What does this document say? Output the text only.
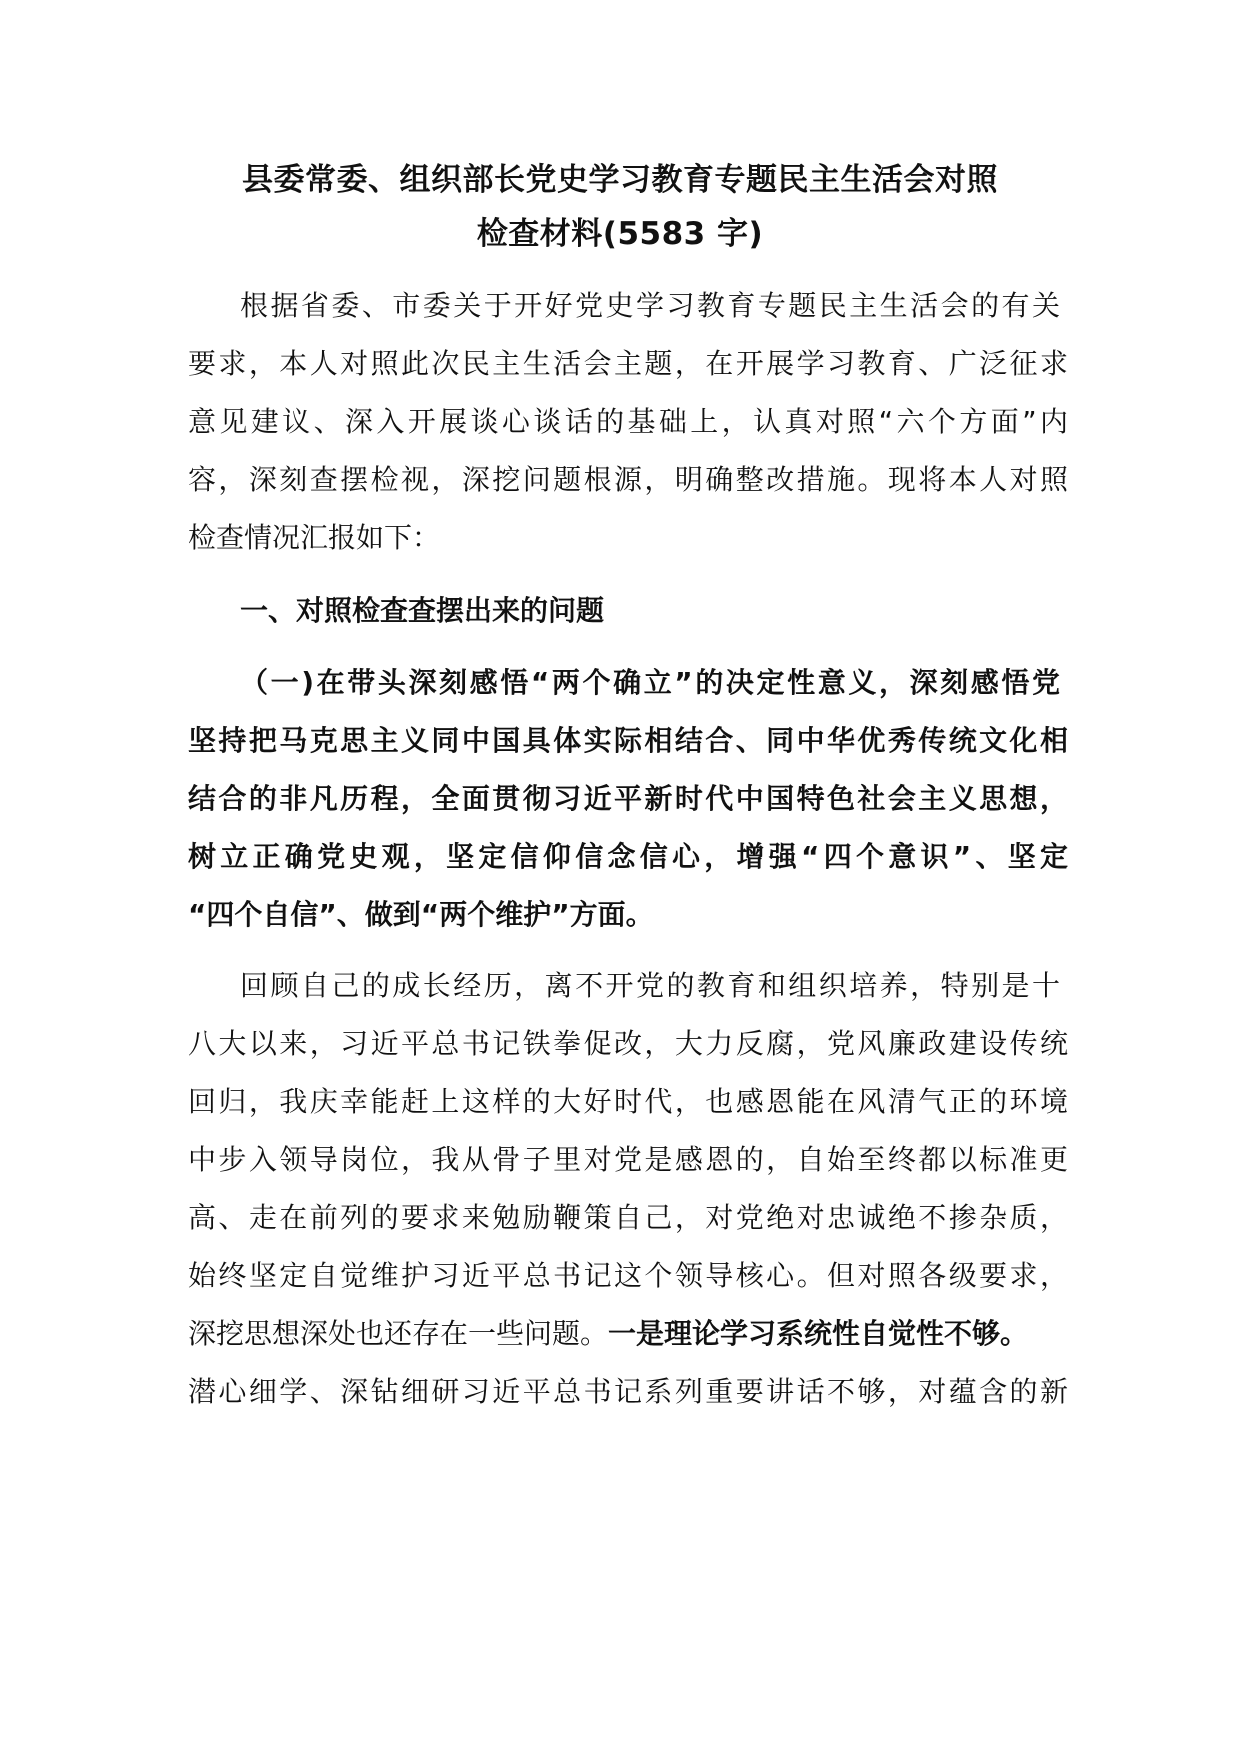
县委常委、组织部长党史学习教育专题民主生活会对照
检查材料(5583 字)
根据省委、市委关于开好党史学习教育专题民主生活会的有关
要求，本人对照此次民主生活会主题，在开展学习教育、广泛征求
意见建议、深入开展谈心谈话的基础上，认真对照“六个方面”内
容，深刻查摆检视，深挖问题根源，明确整改措施。现将本人对照
检查情况汇报如下：
一、对照检查查摆出来的问题
（一)在带头深刻感悟“两个确立”的决定性意义，深刻感悟党
坚持把马克思主义同中国具体实际相结合、同中华优秀传统文化相
结合的非凡历程，全面贯彻习近平新时代中国特色社会主义思想，
树立正确党史观，坚定信仰信念信心，增强“四个意识”、坚定
“四个自信”、做到“两个维护”方面。
回顾自己的成长经历，离不开党的教育和组织培养，特别是十
八大以来，习近平总书记铁拳促改，大力反腐，党风廉政建设传统
回归，我庆幸能赶上这样的大好时代，也感恩能在风清气正的环境
中步入领导岗位，我从骨子里对党是感恩的，自始至终都以标准更
高、走在前列的要求来勉励鞭策自己，对党绝对忠诚绝不掺杂质，
始终坚定自觉维护习近平总书记这个领导核心。但对照各级要求，
深挖思想深处也还存在一些问题。一是理论学习系统性自觉性不够。
潜心细学、深钻细研习近平总书记系列重要讲话不够，对蕴含的新
